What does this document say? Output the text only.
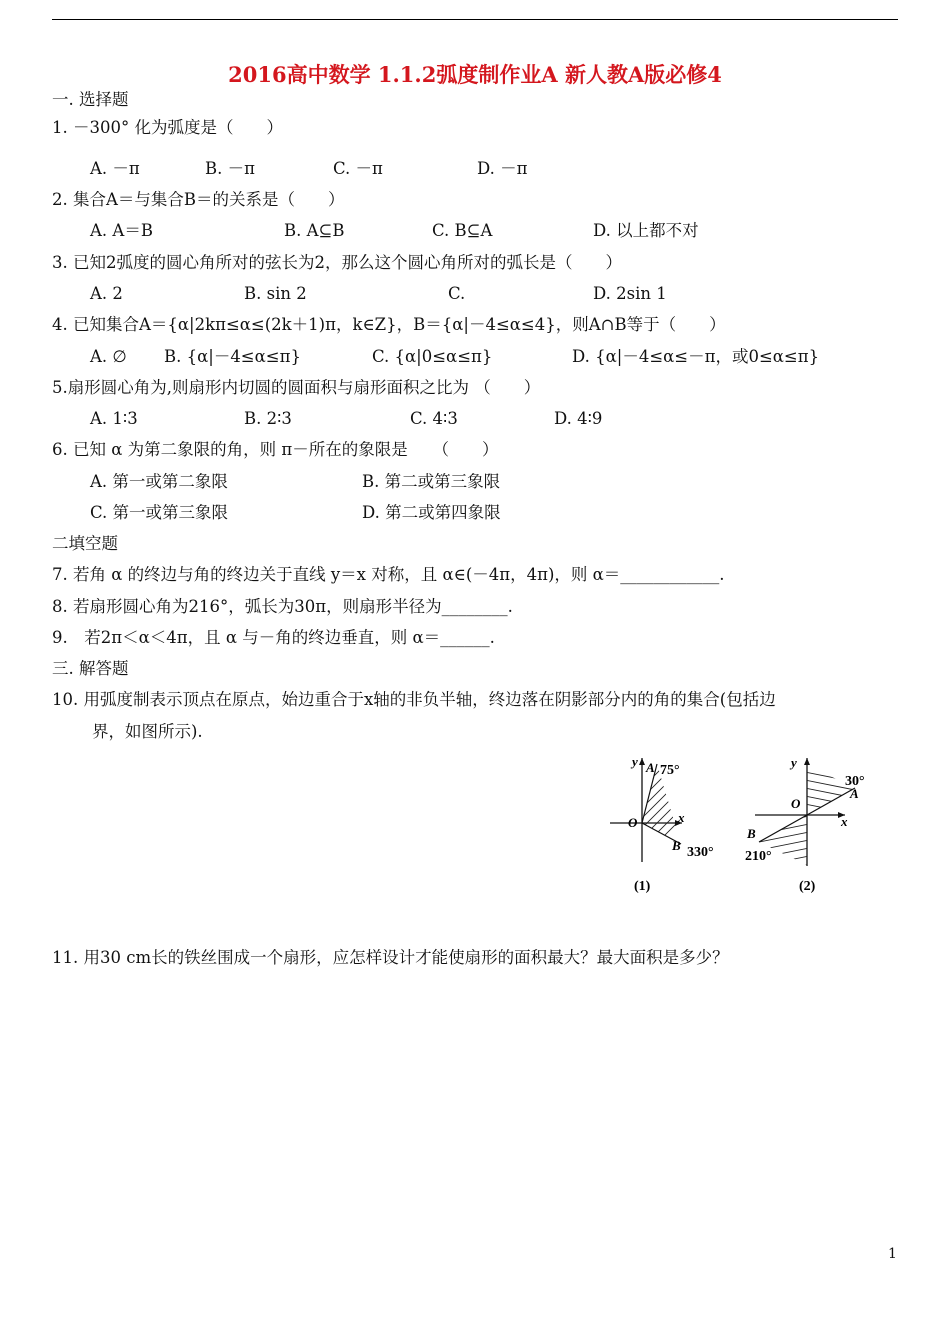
2016高中数学 1.1.2弧度制作业A 新人教A版必修4
一. 选择题
1. －300° 化为弧度是（　　）
A. －π	B. －π	C. －π	D. －π
2. 集合A＝与集合B＝的关系是（　　）
A. A＝B	B. A⊆B	C. B⊆A	D. 以上都不对
3. 已知2弧度的圆心角所对的弦长为2，那么这个圆心角所对的弧长是（　　）
A. 2	B. sin 2	C.	D. 2sin 1
4. 已知集合A＝{α|2kπ≤α≤(2k＋1)π，k∈Z}，B＝{α|－4≤α≤4}，则A∩B等于（　　）
A. ∅ B. {α|－4≤α≤π}	C. {α|0≤α≤π}	D. {α|－4≤α≤－π，或0≤α≤π}
5.扇形圆心角为,则扇形内切圆的圆面积与扇形面积之比为 （　　）
A. 1∶3	B. 2∶3	C. 4∶3	D. 4∶9
6. 已知 α 为第二象限的角，则 π－所在的象限是　　（　　）
A. 第一或第二象限	B. 第二或第三象限
C. 第一或第三象限	D. 第二或第四象限
二填空题
7. 若角 α 的终边与角的终边关于直线 y＝x 对称，且 α∈(－4π，4π)，则 α＝____________.
8. 若扇形圆心角为216°，弧长为30π，则扇形半径为________.
9.　若2π＜α＜4π，且 α 与－角的终边垂直，则 α＝______.
三. 解答题
10. 用弧度制表示顶点在原点，始边重合于x轴的非负半轴，终边落在阴影部分内的角的集合(包括边
界，如图所示).
y A 75°
O	x
B 330°
(1)
y
30°
A
O
x
B
210°
(2)
11. 用30 cm长的铁丝围成一个扇形，应怎样设计才能使扇形的面积最大？最大面积是多少？
1
